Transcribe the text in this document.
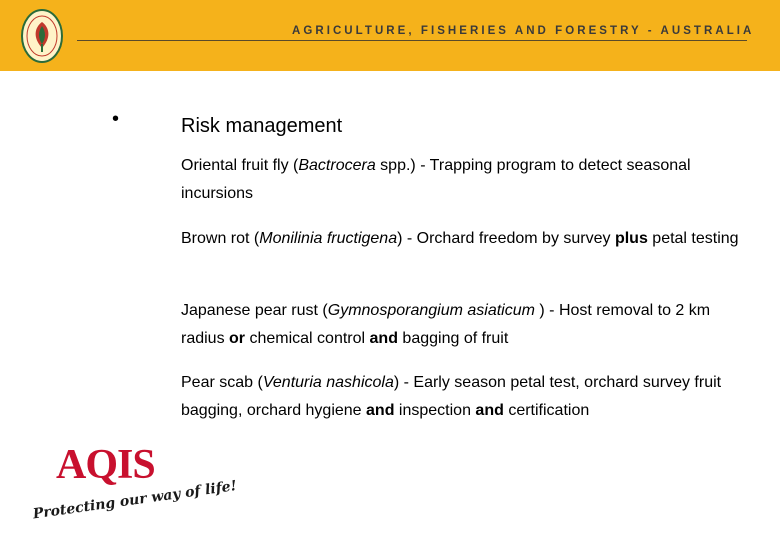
AGRICULTURE, FISHERIES AND FORESTRY - AUSTRALIA
•	Risk management
Oriental fruit fly (Bactrocera spp.) - Trapping program to detect seasonal incursions
Brown rot (Monilinia fructigena) - Orchard freedom by survey plus petal testing
Japanese pear rust (Gymnosporangium asiaticum ) - Host removal to 2 km radius or chemical control and bagging of fruit
Pear scab (Venturia nashicola) - Early season petal test, orchard survey fruit bagging, orchard hygiene and inspection and certification
AQIS
Protecting our way of life!
